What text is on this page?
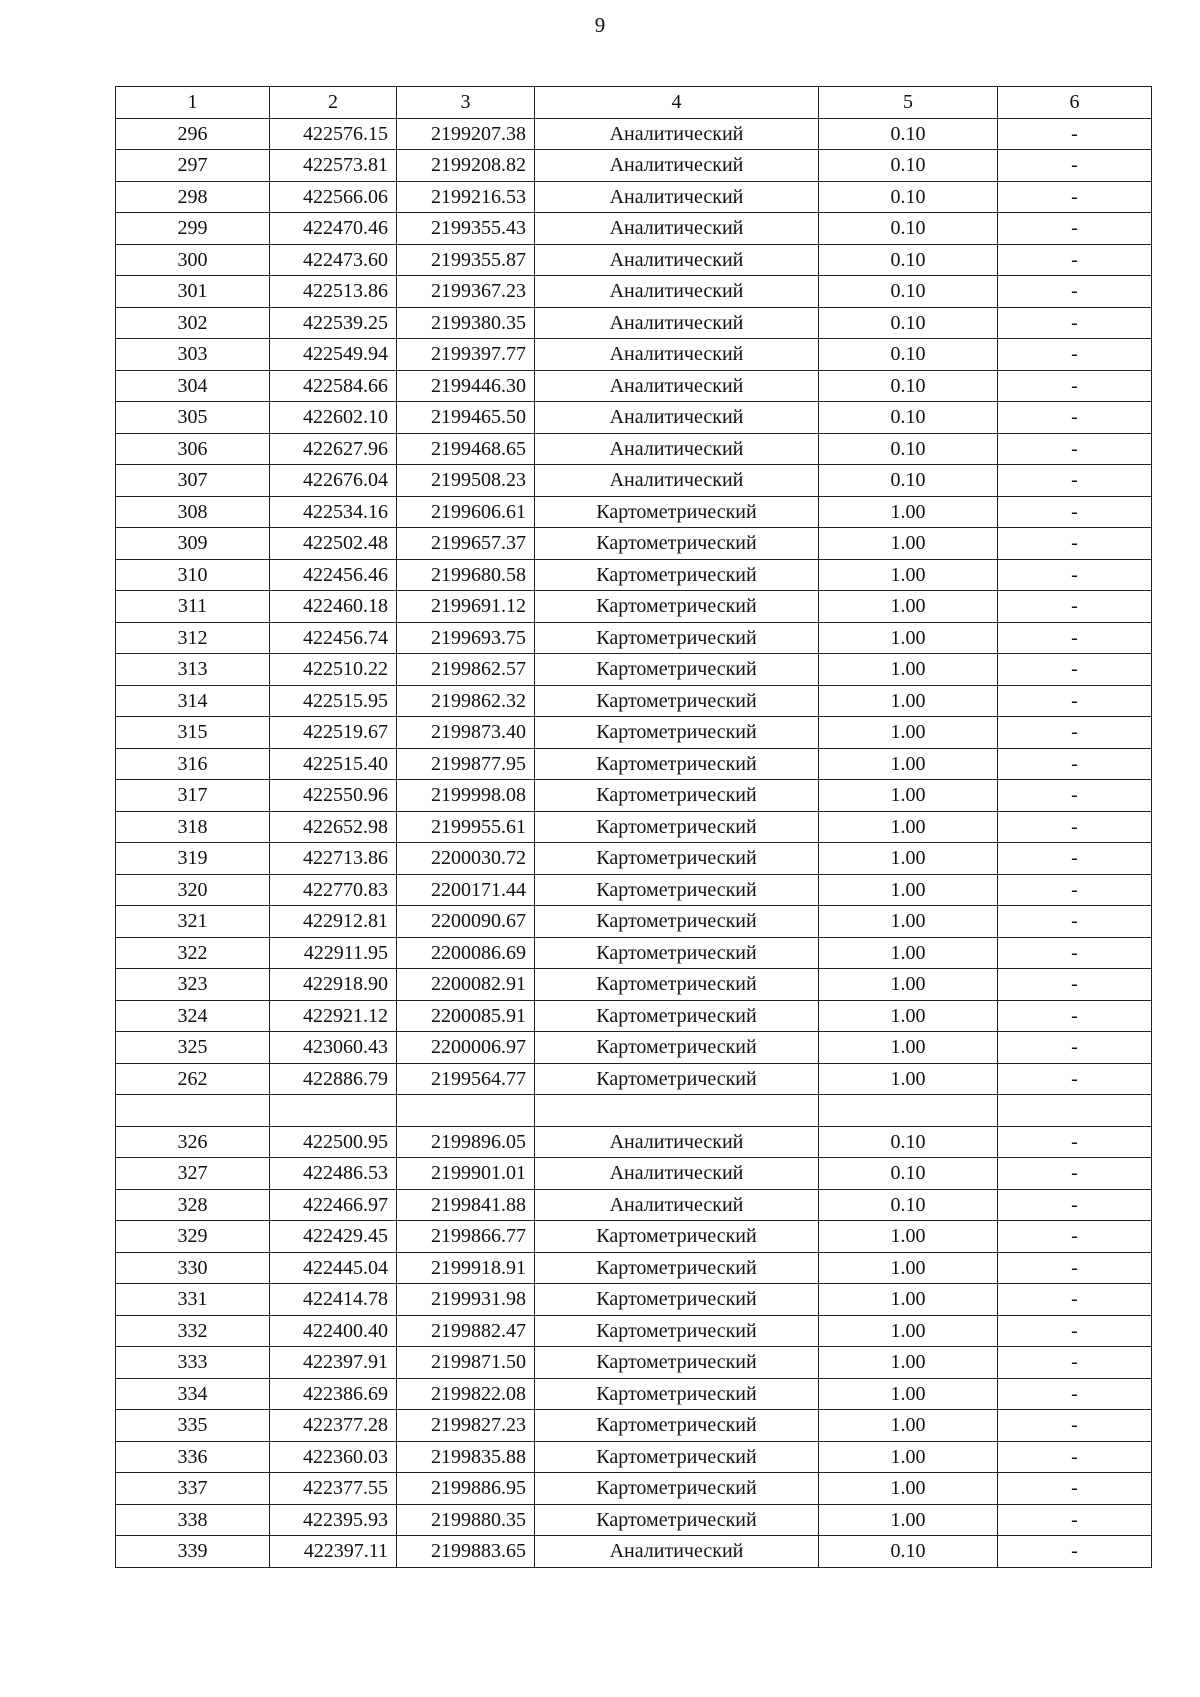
9
1	2	3	4	5	6
296	422576.15	2199207.38	Аналитический	0.10	-
297	422573.81	2199208.82	Аналитический	0.10	-
298	422566.06	2199216.53	Аналитический	0.10	-
299	422470.46	2199355.43	Аналитический	0.10	-
300	422473.60	2199355.87	Аналитический	0.10	-
301	422513.86	2199367.23	Аналитический	0.10	-
302	422539.25	2199380.35	Аналитический	0.10	-
303	422549.94	2199397.77	Аналитический	0.10	-
304	422584.66	2199446.30	Аналитический	0.10	-
305	422602.10	2199465.50	Аналитический	0.10	-
306	422627.96	2199468.65	Аналитический	0.10	-
307	422676.04	2199508.23	Аналитический	0.10	-
308	422534.16	2199606.61	Картометрический	1.00	-
309	422502.48	2199657.37	Картометрический	1.00	-
310	422456.46	2199680.58	Картометрический	1.00	-
311	422460.18	2199691.12	Картометрический	1.00	-
312	422456.74	2199693.75	Картометрический	1.00	-
313	422510.22	2199862.57	Картометрический	1.00	-
314	422515.95	2199862.32	Картометрический	1.00	-
315	422519.67	2199873.40	Картометрический	1.00	-
316	422515.40	2199877.95	Картометрический	1.00	-
317	422550.96	2199998.08	Картометрический	1.00	-
318	422652.98	2199955.61	Картометрический	1.00	-
319	422713.86	2200030.72	Картометрический	1.00	-
320	422770.83	2200171.44	Картометрический	1.00	-
321	422912.81	2200090.67	Картометрический	1.00	-
322	422911.95	2200086.69	Картометрический	1.00	-
323	422918.90	2200082.91	Картометрический	1.00	-
324	422921.12	2200085.91	Картометрический	1.00	-
325	423060.43	2200006.97	Картометрический	1.00	-
262	422886.79	2199564.77	Картометрический	1.00	-

326	422500.95	2199896.05	Аналитический	0.10	-
327	422486.53	2199901.01	Аналитический	0.10	-
328	422466.97	2199841.88	Аналитический	0.10	-
329	422429.45	2199866.77	Картометрический	1.00	-
330	422445.04	2199918.91	Картометрический	1.00	-
331	422414.78	2199931.98	Картометрический	1.00	-
332	422400.40	2199882.47	Картометрический	1.00	-
333	422397.91	2199871.50	Картометрический	1.00	-
334	422386.69	2199822.08	Картометрический	1.00	-
335	422377.28	2199827.23	Картометрический	1.00	-
336	422360.03	2199835.88	Картометрический	1.00	-
337	422377.55	2199886.95	Картометрический	1.00	-
338	422395.93	2199880.35	Картометрический	1.00	-
339	422397.11	2199883.65	Аналитический	0.10	-
